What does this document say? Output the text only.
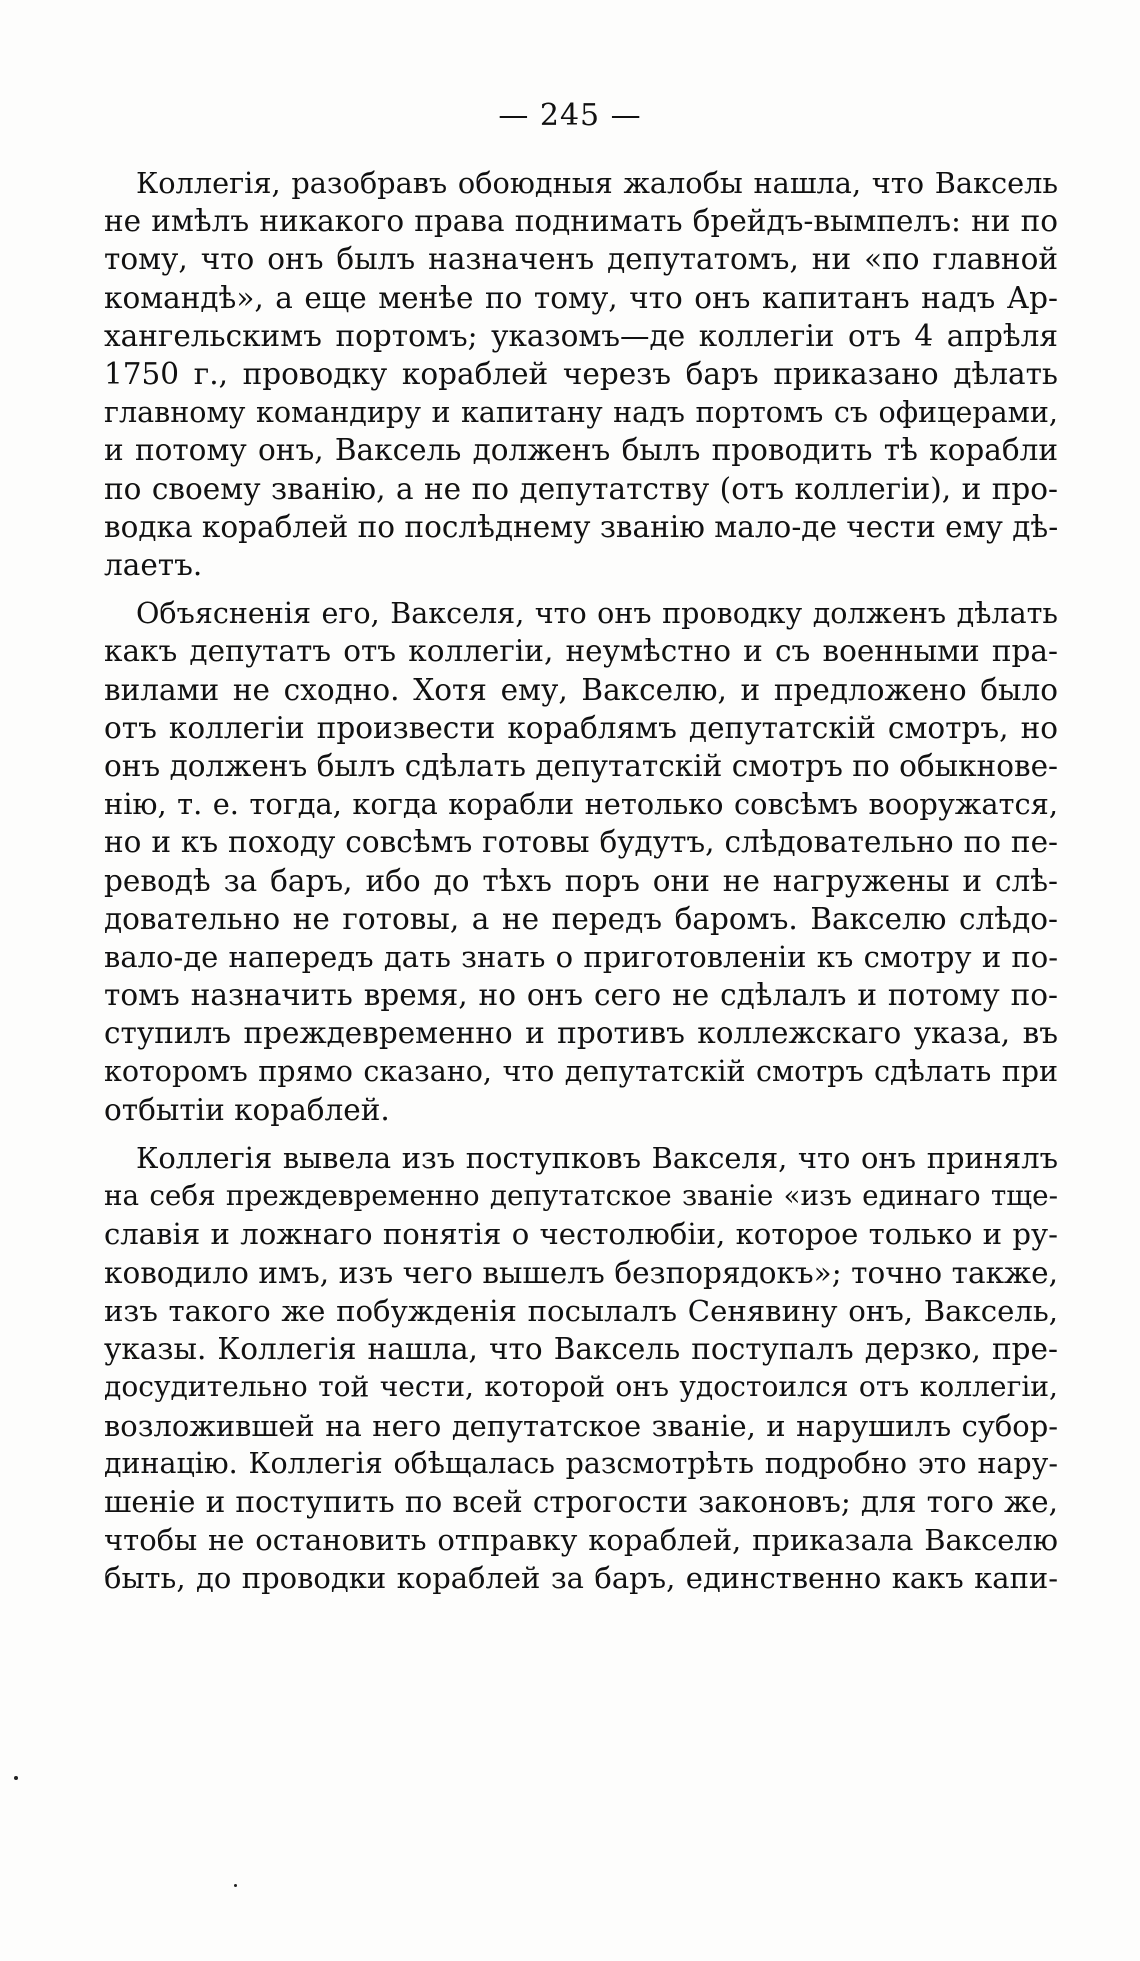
— 245 —
Коллегія, разобравъ обоюдныя жалобы нашла, что Ваксель
не имѣлъ никакого права поднимать брейдъ-вымпелъ: ни по
тому, что онъ былъ назначенъ депутатомъ, ни «по главной
командѣ», а еще менѣе по тому, что онъ капитанъ надъ Ар-
хангельскимъ портомъ; указомъ—де коллегіи отъ 4 апрѣля
1750 г., проводку кораблей черезъ баръ приказано дѣлать
главному командиру и капитану надъ портомъ съ офицерами,
и потому онъ, Ваксель долженъ былъ проводить тѣ корабли
по своему званію, а не по депутатству (отъ коллегіи), и про-
водка кораблей по послѣднему званію мало-де чести ему дѣ-
лаетъ.
Объясненія его, Вакселя, что онъ проводку долженъ дѣлать
какъ депутатъ отъ коллегіи, неумѣстно и съ военными пра-
вилами не сходно. Хотя ему, Вакселю, и предложено было
отъ коллегіи произвести кораблямъ депутатскій смотръ, но
онъ долженъ былъ сдѣлать депутатскій смотръ по обыкнове-
нію, т. е. тогда, когда корабли нетолько совсѣмъ вооружатся,
но и къ походу совсѣмъ готовы будутъ, слѣдовательно по пе-
реводѣ за баръ, ибо до тѣхъ поръ они не нагружены и слѣ-
довательно не готовы, а не передъ баромъ. Вакселю слѣдо-
вало-де напередъ дать знать о приготовленіи къ смотру и по-
томъ назначить время, но онъ сего не сдѣлалъ и потому по-
ступилъ преждевременно и противъ коллежскаго указа, въ
которомъ прямо сказано, что депутатскій смотръ сдѣлать при
отбытіи кораблей.
Коллегія вывела изъ поступковъ Вакселя, что онъ принялъ
на себя преждевременно депутатское званіе «изъ единаго тще-
славія и ложнаго понятія о честолюбіи, которое только и ру-
ководило имъ, изъ чего вышелъ безпорядокъ»; точно также,
изъ такого же побужденія посылалъ Сенявину онъ, Ваксель,
указы. Коллегія нашла, что Ваксель поступалъ дерзко, пре-
досудительно той чести, которой онъ удостоился отъ коллегіи,
возложившей на него депутатское званіе, и нарушилъ субор-
динацію. Коллегія обѣщалась разсмотрѣть подробно это нару-
шеніе и поступить по всей строгости законовъ; для того же,
чтобы не остановить отправку кораблей, приказала Вакселю
быть, до проводки кораблей за баръ, единственно какъ капи-
